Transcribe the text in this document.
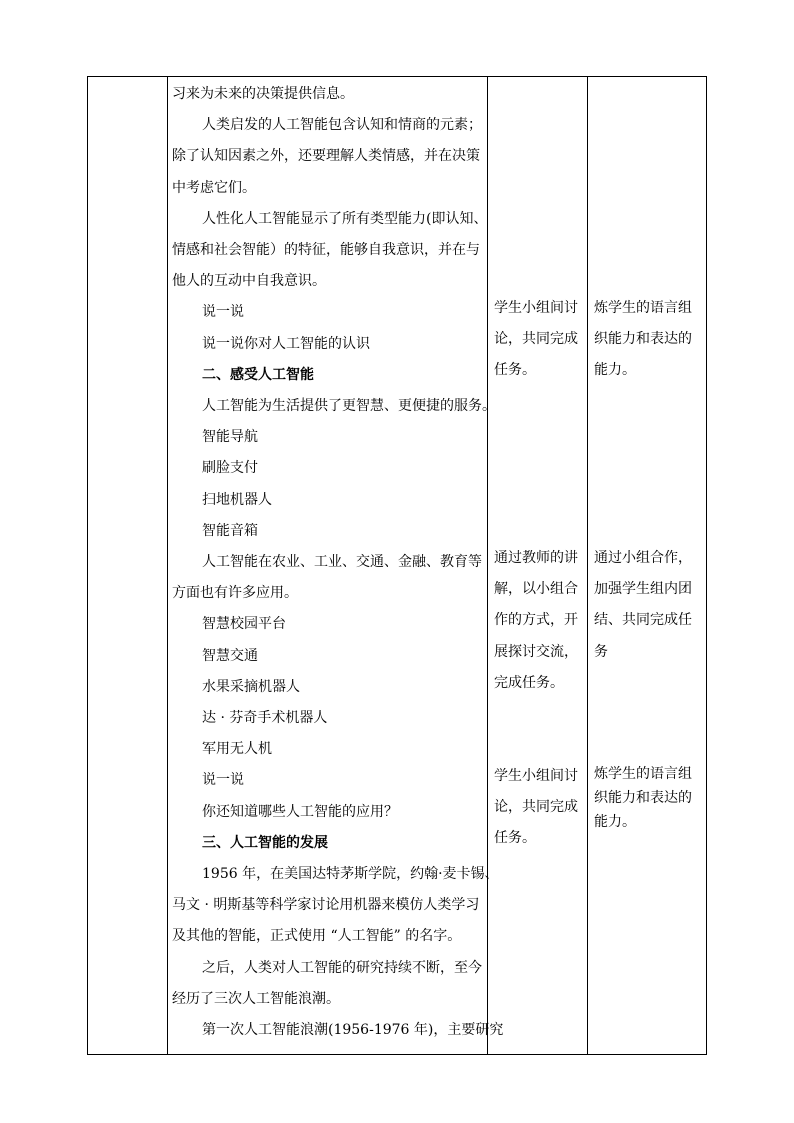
习来为未来的决策提供信息。
人类启发的人工智能包含认知和情商的元素；
除了认知因素之外，还要理解人类情感，并在决策
中考虑它们。
人性化人工智能显示了所有类型能力(即认知、
情感和社会智能）的特征，能够自我意识，并在与
他人的互动中自我意识。
说一说
说一说你对人工智能的认识
二、感受人工智能
人工智能为生活提供了更智慧、更便捷的服务。
智能导航
刷脸支付
扫地机器人
智能音箱
人工智能在农业、工业、交通、金融、教育等
方面也有许多应用。
智慧校园平台
智慧交通
水果采摘机器人
达 · 芬奇手术机器人
军用无人机
说一说
你还知道哪些人工智能的应用？
三、人工智能的发展
1956 年，在美国达特茅斯学院，约翰·麦卡锡、
马文 · 明斯基等科学家讨论用机器来模仿人类学习
及其他的智能，正式使用 “人工智能” 的名字。
之后，人类对人工智能的研究持续不断，至今
经历了三次人工智能浪潮。
第一次人工智能浪潮(1956-1976 年)，主要研究
学生小组间讨
论，共同完成
任务。
通过教师的讲
解，以小组合
作的方式，开
展探讨交流，
完成任务。
学生小组间讨
论，共同完成
任务。
炼学生的语言组
织能力和表达的
能力。
通过小组合作，
加强学生组内团
结、共同完成任
务
炼学生的语言组
织能力和表达的
能力。
